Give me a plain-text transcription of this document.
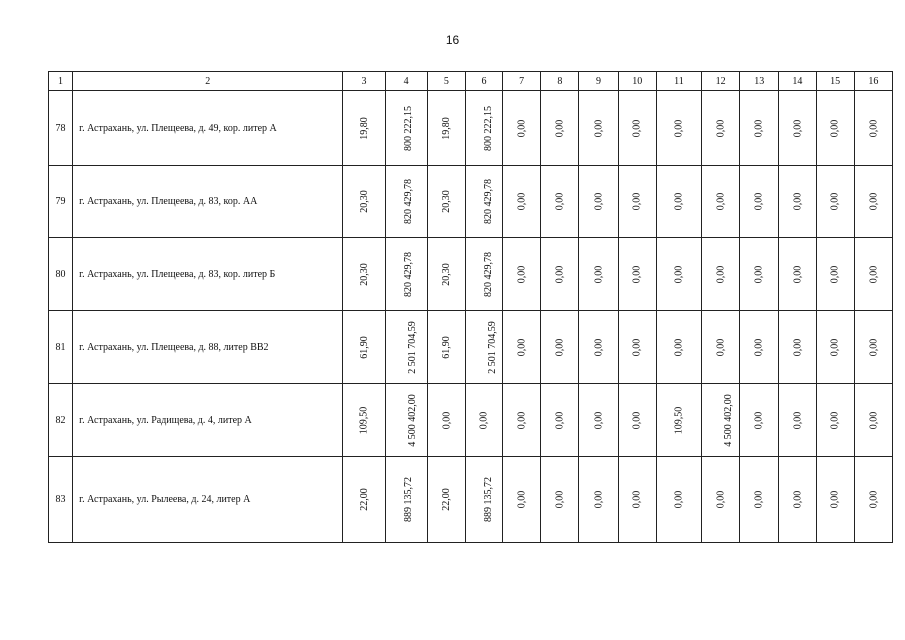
16
1	2	3	4	5	6	7	8	9	10	11	12	13	14	15	16
78	г. Астрахань, ул. Плещеева, д. 49, кор. литер А	19,80	800 222,15	19,80	800 222,15	0,00	0,00	0,00	0,00	0,00	0,00	0,00	0,00	0,00	0,00
79	г. Астрахань, ул. Плещеева, д. 83, кор. АА	20,30	820 429,78	20,30	820 429,78	0,00	0,00	0,00	0,00	0,00	0,00	0,00	0,00	0,00	0,00
80	г. Астрахань, ул. Плещеева, д. 83, кор. литер Б	20,30	820 429,78	20,30	820 429,78	0,00	0,00	0,00	0,00	0,00	0,00	0,00	0,00	0,00	0,00
81	г. Астрахань, ул. Плещеева, д. 88, литер ВВ2	61,90	2 501 704,59	61,90	2 501 704,59	0,00	0,00	0,00	0,00	0,00	0,00	0,00	0,00	0,00	0,00
82	г. Астрахань, ул. Радищева, д. 4, литер А	109,50	4 500 402,00	0,00	0,00	0,00	0,00	0,00	0,00	109,50	4 500 402,00	0,00	0,00	0,00	0,00
83	г. Астрахань, ул. Рылеева, д. 24, литер А	22,00	889 135,72	22,00	889 135,72	0,00	0,00	0,00	0,00	0,00	0,00	0,00	0,00	0,00	0,00
